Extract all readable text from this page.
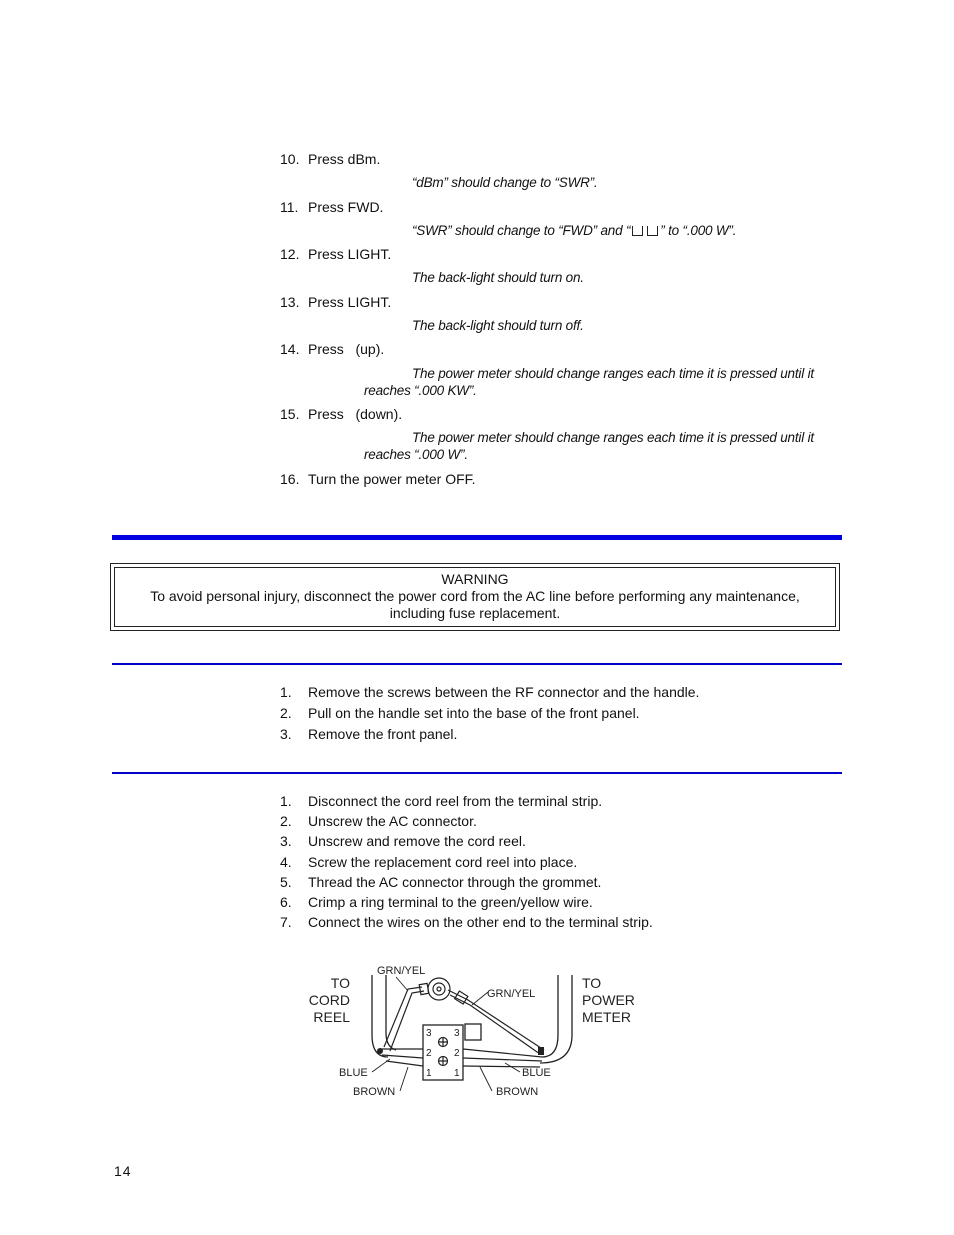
10. Press dBm.
“dBm” should change to “SWR”.
11. Press FWD.
“SWR” should change to “FWD” and “ ” to “.000 W”.
12. Press LIGHT.
The back-light should turn on.
13. Press LIGHT.
The back-light should turn off.
14. Press   (up).
The power meter should change ranges each time it is pressed until it
reaches “.000 KW”.
15. Press   (down).
The power meter should change ranges each time it is pressed until it
reaches “.000 W”.
16. Turn the power meter OFF.
WARNING
To avoid personal injury, disconnect the power cord from the AC line before performing any maintenance,
including fuse replacement.
1.	Remove the screws between the RF connector and the handle.
2.	Pull on the handle set into the base of the front panel.
3.	Remove the front panel.
1.	Disconnect the cord reel from the terminal strip.
2.	Unscrew the AC connector.
3.	Unscrew and remove the cord reel.
4.	Screw the replacement cord reel into place.
5.	Thread the AC connector through the grommet.
6.	Crimp a ring terminal to the green/yellow wire.
7.	Connect the wires on the other end to the terminal strip.
TO
CORD
REEL
TO
POWER
METER
GRN/YEL
GRN/YEL
BLUE	BLUE
BROWN	BROWN
3
2
1
3
2
1
14
